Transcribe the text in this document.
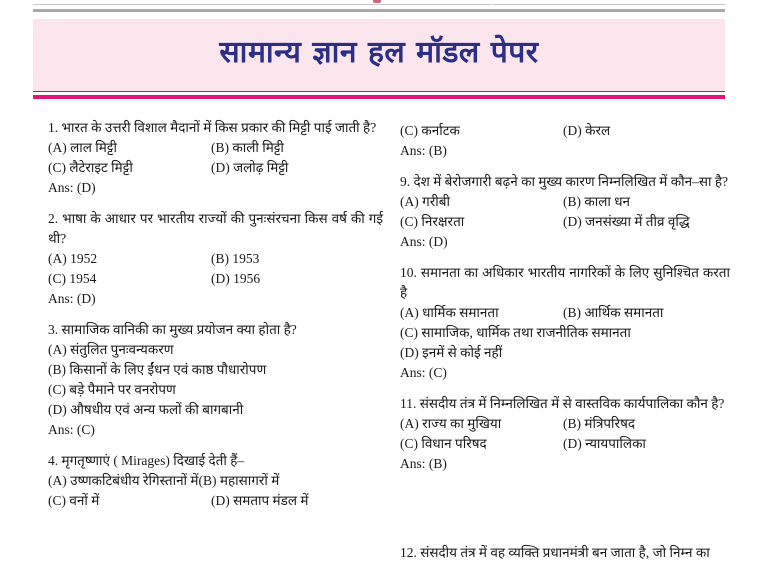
सामान्य ज्ञान हल मॉडल पेपर
1. भारत के उत्तरी विशाल मैदानों में किस प्रकार की मिट्टी पाई जाती है?
(A) लाल मिट्टी	(B) काली मिट्टी
(C) लैटेराइट मिट्टी	(D) जलोढ़ मिट्टी
Ans: (D)
2. भाषा के आधार पर भारतीय राज्यों की पुनःसंरचना किस वर्ष की गई थी?
(A) 1952	(B) 1953
(C) 1954	(D) 1956
Ans: (D)
3. सामाजिक वानिकी का मुख्य प्रयोजन क्या होता है?
(A) संतुलित पुनःवन्यकरण
(B) किसानों के लिए ईंधन एवं काष्ठ पौधारोपण
(C) बड़े पैमाने पर वनरोपण
(D) औषधीय एवं अन्य फलों की बागबानी
Ans: (C)
4. मृगतृष्णाएं ( Mirages) दिखाई देती हैं–
(A) उष्णकटिबंधीय रेगिस्तानों में (B) महासागरों में
(C) वनों में	(D) समताप मंडल में
(C) कर्नाटक	(D) केरल
Ans: (B)
9. देश में बेरोजगारी बढ़ने का मुख्य कारण निम्नलिखित में कौन–सा है?
(A) गरीबी	(B) काला धन
(C) निरक्षरता	(D) जनसंख्या में तीव्र वृद्धि
Ans: (D)
10. समानता का अधिकार भारतीय नागरिकों के लिए सुनिश्चित करता है
(A) धार्मिक समानता	(B) आर्थिक समानता
(C) सामाजिक, धार्मिक तथा राजनीतिक समानता
(D) इनमें से कोई नहीं
Ans: (C)
11. संसदीय तंत्र में निम्नलिखित में से वास्तविक कार्यपालिका कौन है?
(A) राज्य का मुखिया	(B) मंत्रिपरिषद
(C) विधान परिषद	(D) न्यायपालिका
Ans: (B)
12. संसदीय तंत्र में वह व्यक्ति प्रधानमंत्री बन जाता है, जो निम्न का
